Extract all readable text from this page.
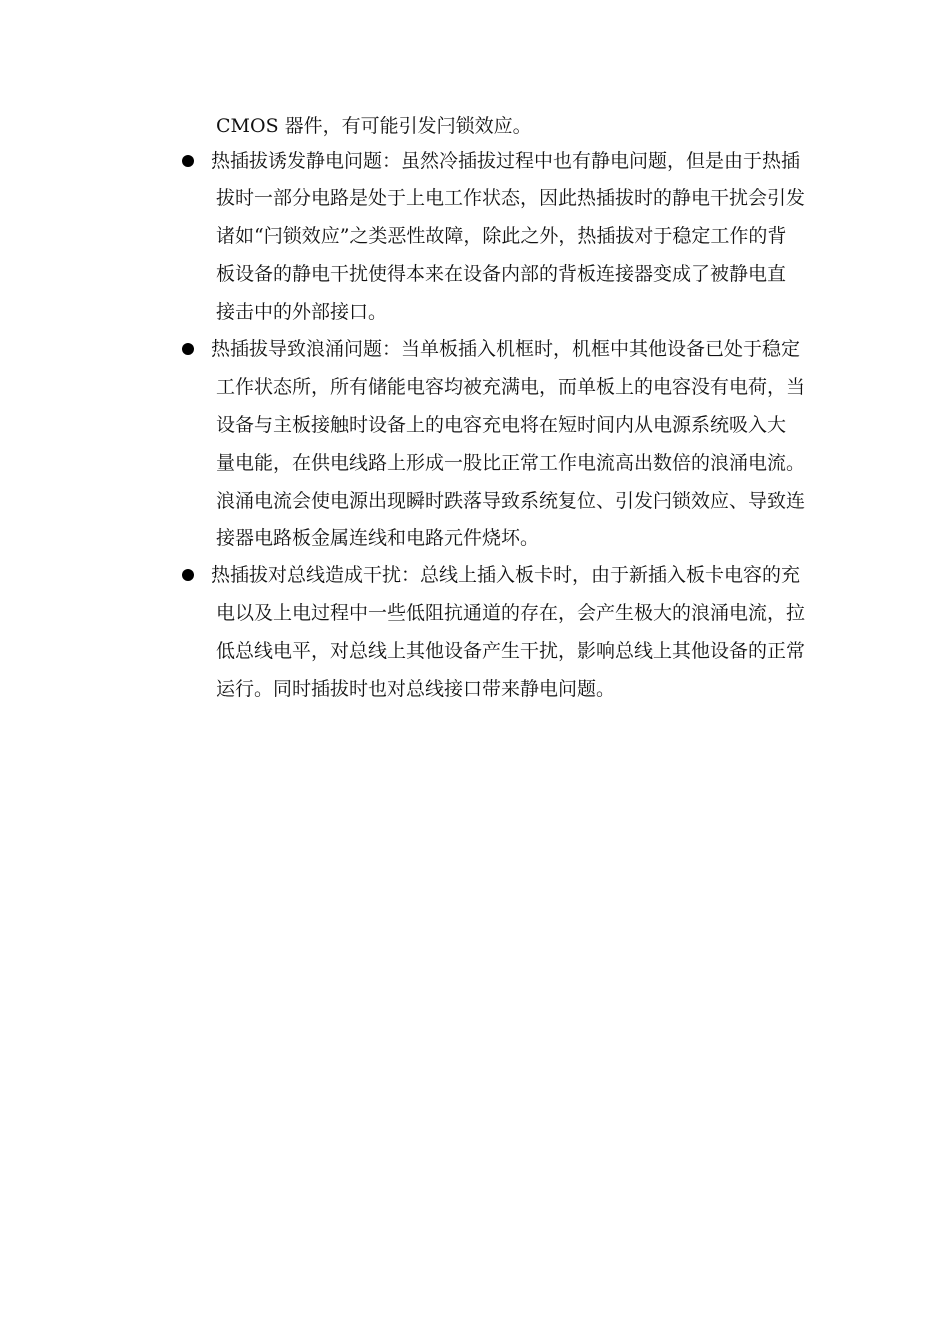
CMOS 器件，有可能引发闩锁效应。
热插拔诱发静电问题：虽然冷插拔过程中也有静电问题，但是由于热插
拔时一部分电路是处于上电工作状态，因此热插拔时的静电干扰会引发
诸如“闩锁效应”之类恶性故障，除此之外，热插拔对于稳定工作的背
板设备的静电干扰使得本来在设备内部的背板连接器变成了被静电直
接击中的外部接口。
热插拔导致浪涌问题：当单板插入机框时，机框中其他设备已处于稳定
工作状态所，所有储能电容均被充满电，而单板上的电容没有电荷，当
设备与主板接触时设备上的电容充电将在短时间内从电源系统吸入大
量电能，在供电线路上形成一股比正常工作电流高出数倍的浪涌电流。
浪涌电流会使电源出现瞬时跌落导致系统复位、引发闩锁效应、导致连
接器电路板金属连线和电路元件烧坏。
热插拔对总线造成干扰：总线上插入板卡时，由于新插入板卡电容的充
电以及上电过程中一些低阻抗通道的存在，会产生极大的浪涌电流，拉
低总线电平，对总线上其他设备产生干扰，影响总线上其他设备的正常
运行。同时插拔时也对总线接口带来静电问题。
